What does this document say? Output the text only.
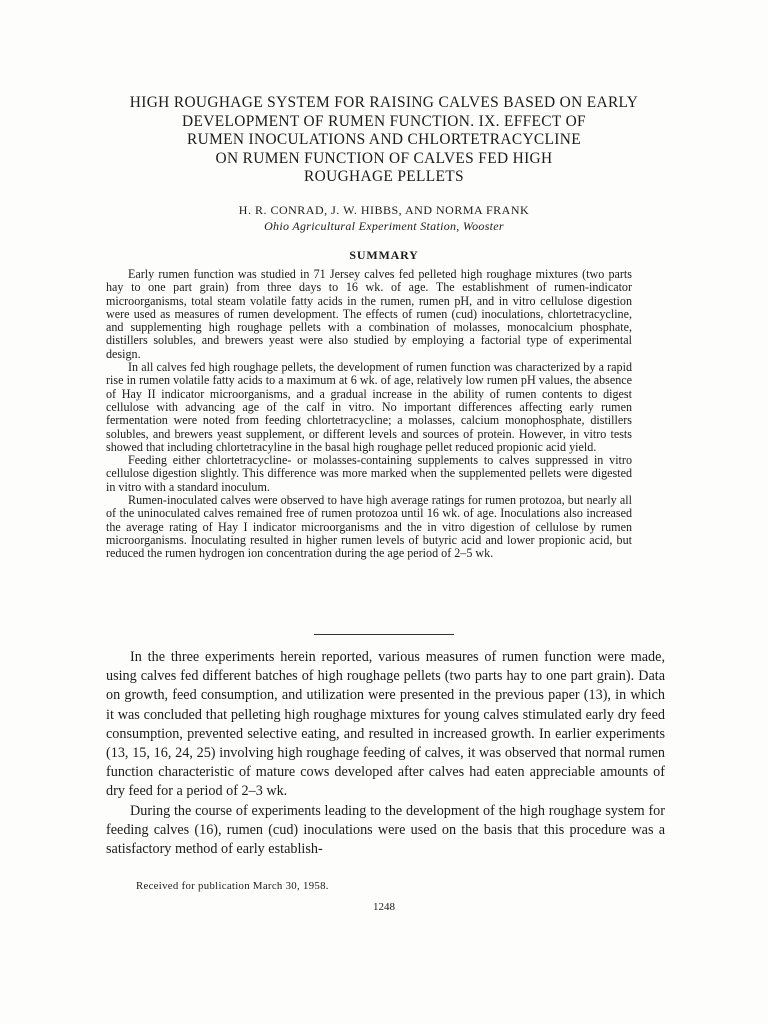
HIGH ROUGHAGE SYSTEM FOR RAISING CALVES BASED ON EARLY
DEVELOPMENT OF RUMEN FUNCTION. IX. EFFECT OF
RUMEN INOCULATIONS AND CHLORTETRACYCLINE
ON RUMEN FUNCTION OF CALVES FED HIGH
ROUGHAGE PELLETS
H. R. CONRAD, J. W. HIBBS, AND NORMA FRANK
Ohio Agricultural Experiment Station, Wooster
SUMMARY

Early rumen function was studied in 71 Jersey calves fed pelleted high roughage mixtures (two parts hay to one part grain) from three days to 16 wk. of age. The establishment of rumen-indicator microorganisms, total steam volatile fatty acids in the rumen, rumen pH, and in vitro cellulose digestion were used as measures of rumen development. The effects of rumen (cud) inoculations, chlortetracycline, and supplementing high roughage pellets with a combination of molasses, monocalcium phosphate, distillers solubles, and brewers yeast were also studied by employing a factorial type of experimental design.

In all calves fed high roughage pellets, the development of rumen function was characterized by a rapid rise in rumen volatile fatty acids to a maximum at 6 wk. of age, relatively low rumen pH values, the absence of Hay II indicator microorganisms, and a gradual increase in the ability of rumen contents to digest cellulose with advancing age of the calf in vitro. No important differences affecting early rumen fermentation were noted from feeding chlortetracycline; a molasses, calcium monophosphate, distillers solubles, and brewers yeast supplement, or different levels and sources of protein. However, in vitro tests showed that including chlortetracyline in the basal high roughage pellet reduced propionic acid yield.

Feeding either chlortetracycline- or molasses-containing supplements to calves suppressed in vitro cellulose digestion slightly. This difference was more marked when the supplemented pellets were digested in vitro with a standard inoculum.

Rumen-inoculated calves were observed to have high average ratings for rumen protozoa, but nearly all of the uninoculated calves remained free of rumen protozoa until 16 wk. of age. Inoculations also increased the average rating of Hay I indicator microorganisms and the in vitro digestion of cellulose by rumen microorganisms. Inoculating resulted in higher rumen levels of butyric acid and lower propionic acid, but reduced the rumen hydrogen ion concentration during the age period of 2–5 wk.

In the three experiments herein reported, various measures of rumen function were made, using calves fed different batches of high roughage pellets (two parts hay to one part grain). Data on growth, feed consumption, and utilization were presented in the previous paper (13), in which it was concluded that pelleting high roughage mixtures for young calves stimulated early dry feed consumption, prevented selective eating, and resulted in increased growth. In earlier experiments (13, 15, 16, 24, 25) involving high roughage feeding of calves, it was observed that normal rumen function characteristic of mature cows developed after calves had eaten appreciable amounts of dry feed for a period of 2–3 wk.

During the course of experiments leading to the development of the high roughage system for feeding calves (16), rumen (cud) inoculations were used on the basis that this procedure was a satisfactory method of early establish-

Received for publication March 30, 1958.
1248
